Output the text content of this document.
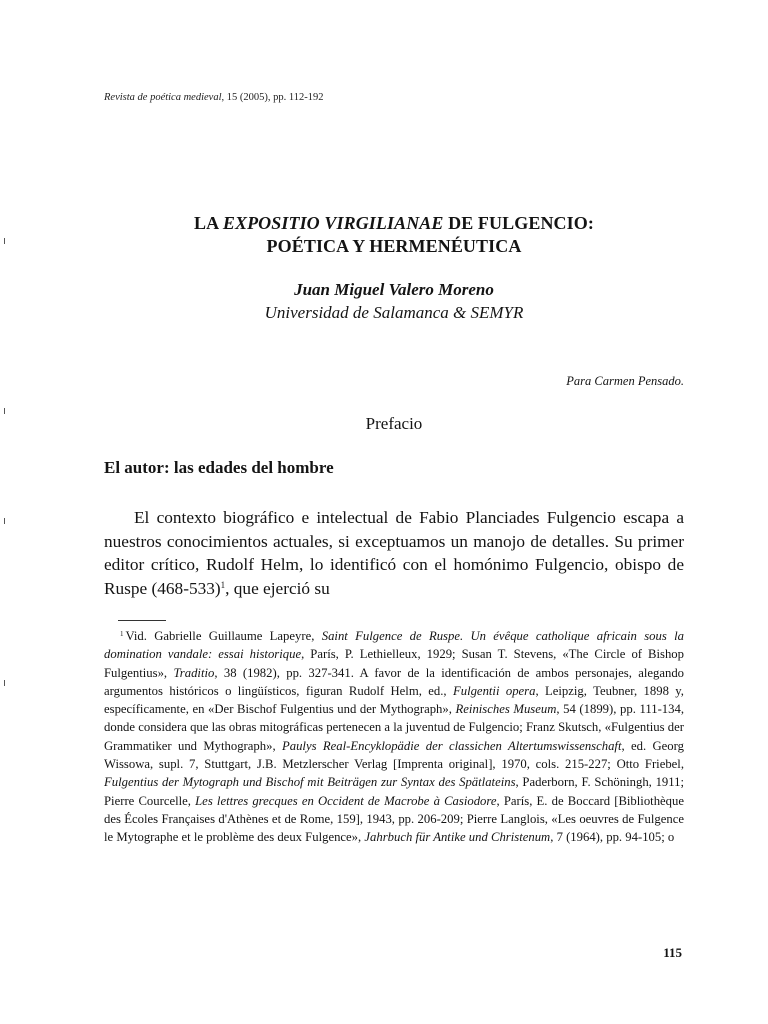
Revista de poética medieval, 15 (2005), pp. 112-192
LA EXPOSITIO VIRGILIANAE DE FULGENCIO:
POÉTICA Y HERMENÉUTICA
Juan Miguel Valero Moreno
Universidad de Salamanca & SEMYR
Para Carmen Pensado.
Prefacio
El autor: las edades del hombre

El contexto biográfico e intelectual de Fabio Planciades Fulgencio escapa a nuestros conocimientos actuales, si exceptuamos un manojo de detalles. Su primer editor crítico, Rudolf Helm, lo identificó con el homónimo Fulgencio, obispo de Ruspe $(468-533)^1$, que ejerció su

$^1$ Vid. Gabrielle Guillaume Lapeyre, Saint Fulgence de Ruspe. Un évêque catholique africain sous la domination vandale: essai historique, París, P. Lethielleux, 1929; Susan T. Stevens, «The Circle of Bishop Fulgentius», Traditio, 38 (1982), pp. 327-341. A favor de la identificación de ambos personajes, alegando argumentos históricos o lingüísticos, figuran Rudolf Helm, ed., Fulgentii opera, Leipzig, Teubner, 1898 y, específicamente, en «Der Bischof Fulgentius und der Mythograph», Reinisches Museum, 54 (1899), pp. 111-134, donde considera que las obras mitográficas pertenecen a la juventud de Fulgencio; Franz Skutsch, «Fulgentius der Grammatiker und Mythograph», Paulys Real-Encyklopädie der classichen Altertumswissenschaft, ed. Georg Wissowa, supl. 7, Stuttgart, J.B. Metzlerscher Verlag [Imprenta original], 1970, cols. 215-227; Otto Friebel, Fulgentius der Mytograph und Bischof mit Beiträgen zur Syntax des Spätlateins, Paderborn, F. Schöningh, 1911; Pierre Courcelle, Les lettres grecques en Occident de Macrobe à Casiodore, París, E. de Boccard [Bibliothèque des Écoles Françaises d'Athènes et de Rome, 159], 1943, pp. 206-209; Pierre Langlois, «Les oeuvres de Fulgence le Mytographe et le problème des deux Fulgence», Jahrbuch für Antike und Christenum, 7 (1964), pp. 94-105; o

115
